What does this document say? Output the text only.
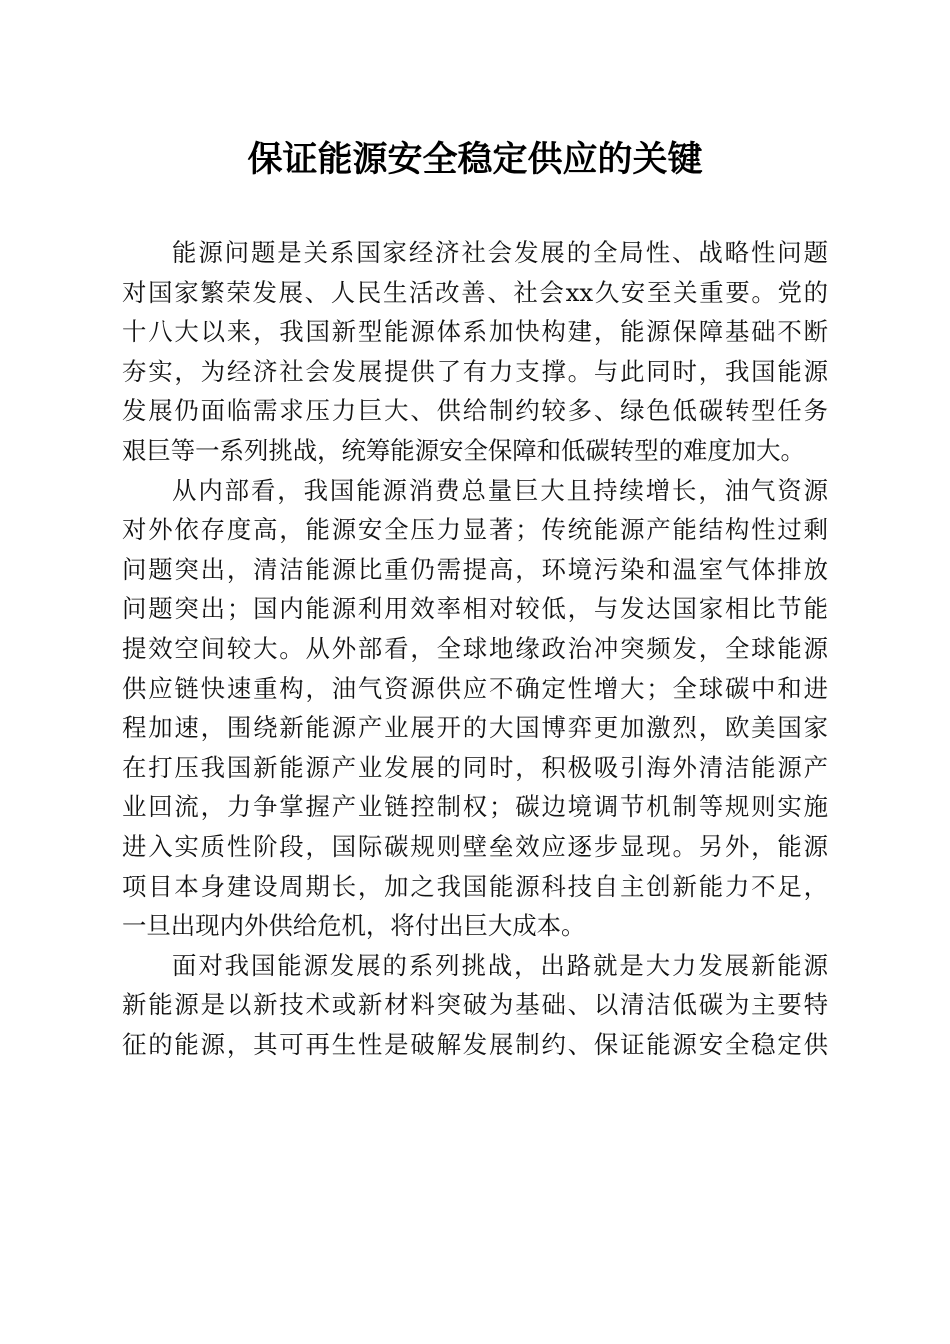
保证能源安全稳定供应的关键
能源问题是关系国家经济社会发展的全局性、战略性问题
对国家繁荣发展、人民生活改善、社会xx久安至关重要。党的
十八大以来，我国新型能源体系加快构建，能源保障基础不断
夯实，为经济社会发展提供了有力支撑。与此同时，我国能源
发展仍面临需求压力巨大、供给制约较多、绿色低碳转型任务
艰巨等一系列挑战，统筹能源安全保障和低碳转型的难度加大。
从内部看，我国能源消费总量巨大且持续增长，油气资源
对外依存度高，能源安全压力显著；传统能源产能结构性过剩
问题突出，清洁能源比重仍需提高，环境污染和温室气体排放
问题突出；国内能源利用效率相对较低，与发达国家相比节能
提效空间较大。从外部看，全球地缘政治冲突频发，全球能源
供应链快速重构，油气资源供应不确定性增大；全球碳中和进
程加速，围绕新能源产业展开的大国博弈更加激烈，欧美国家
在打压我国新能源产业发展的同时，积极吸引海外清洁能源产
业回流，力争掌握产业链控制权；碳边境调节机制等规则实施
进入实质性阶段，国际碳规则壁垒效应逐步显现。另外，能源
项目本身建设周期长，加之我国能源科技自主创新能力不足，
一旦出现内外供给危机，将付出巨大成本。
面对我国能源发展的系列挑战，出路就是大力发展新能源
新能源是以新技术或新材料突破为基础、以清洁低碳为主要特
征的能源，其可再生性是破解发展制约、保证能源安全稳定供
